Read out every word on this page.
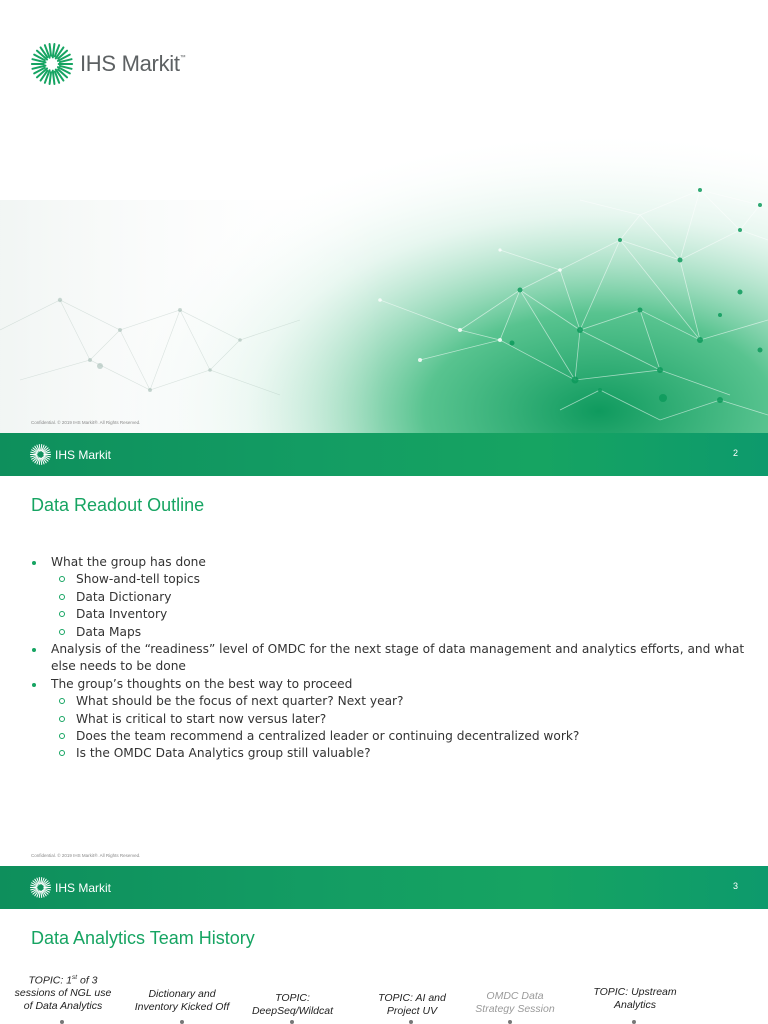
IHS Markit™
Confidential. © 2019 IHS Markit®. All Rights Reserved.
IHS Markit	2
Data Readout Outline
What the group has done
Show-and-tell topics
Data Dictionary
Data Inventory
Data Maps
Analysis of the “readiness” level of OMDC for the next stage of data management and analytics efforts, and what else needs to be done
The group’s thoughts on the best way to proceed
What should be the focus of next quarter? Next year?
What is critical to start now versus later?
Does the team recommend a centralized leader or continuing decentralized work?
Is the OMDC Data Analytics group still valuable?
Confidential. © 2019 IHS Markit®. All Rights Reserved.
IHS Markit	3
Data Analytics Team History
TOPIC: 1st of 3
sessions of NGL use
of Data Analytics
Dictionary and
Inventory Kicked Off
TOPIC:
DeepSeq/Wildcat
TOPIC: AI and
Project UV
OMDC Data
Strategy Session
TOPIC: Upstream
Analytics
